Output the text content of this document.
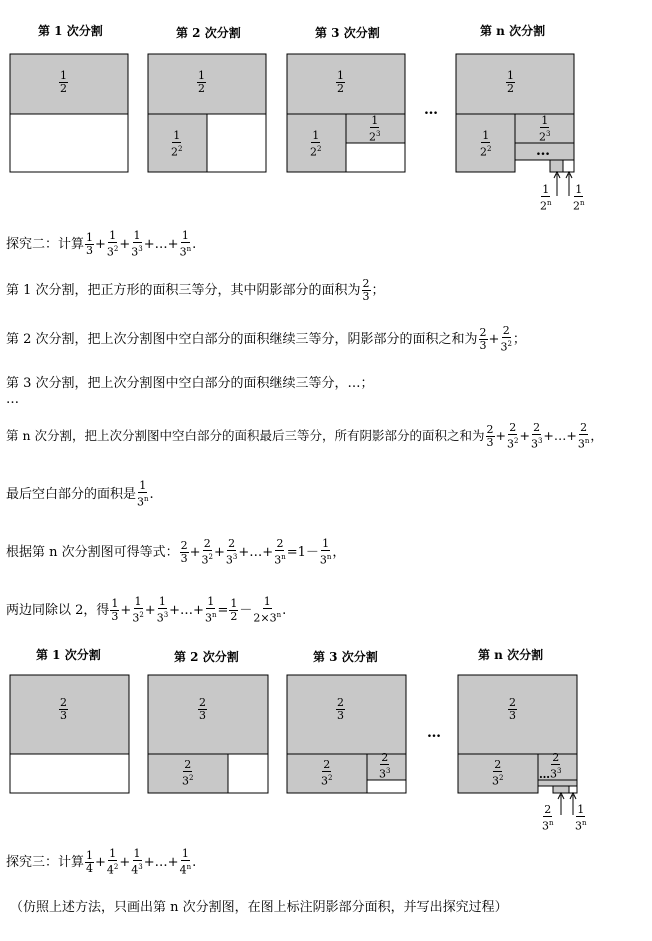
第 1 次分割	第 2 次分割	第 3 次分割	第 n 次分割
$\frac{1}{2}$	$\frac{1}{2}$	$\frac{1}{2}$	$\frac{1}{2}$
$\frac{1}{2^2}$	$\frac{1}{2^2}$
$\frac{1}{2^3}$
$\frac{1}{2^2}$
$\frac{1}{2^3}$
…
…
$\frac{1}{2^n} \frac{1}{2^n}$
探究二：计算 $\frac{1}{3} + \frac{1}{3^2} + \frac{1}{3^3}$ +…+ $\frac{1}{3^n}$ .
第 1 次分割，把正方形的面积三等分，其中阴影部分的面积为 $\frac{2}{3}$ ；
第 2 次分割，把上次分割图中空白部分的面积继续三等分，阴影部分的面积之和为 $\frac{2}{3} + \frac{2}{3^2}$ ；
第 3 次分割，把上次分割图中空白部分的面积继续三等分，…；
…
第 n 次分割，把上次分割图中空白部分的面积最后三等分，所有阴影部分的面积之和为 $\frac{2}{3} + \frac{2}{3^2} + \frac{2}{3^3}$ +…+ $\frac{2}{3^n}$ ，
最后空白部分的面积是 $\frac{1}{3^n}$ .
根据第 n 次分割图可得等式： $\frac{2}{3} + \frac{2}{3^2} + \frac{2}{3^3}$ +…+ $\frac{2}{3^n} =1- \frac{1}{3^n}$ ，
两边同除以 2，得 $\frac{1}{3} + \frac{1}{3^2} + \frac{1}{3^3}$ +…+ $\frac{1}{3^n} = \frac{1}{2} - \frac{1}{2\times 3^n}$ .
第 1 次分割	第 2 次分割	第 3 次分割	第 n 次分割
$\frac{2}{3}$	$\frac{2}{3}$	$\frac{2}{3}$	$\frac{2}{3}$
$\frac{2}{3^2}$	$\frac{2}{3^2}$	$\frac{2}{3^3}$	$\frac{2}{3^2}$	$\frac{2}{3^3}$
…
…
$\frac{2}{3^n} \frac{1}{3^n}$
探究三：计算 $\frac{1}{4} + \frac{1}{4^2} + \frac{1}{4^3}$ +…+ $\frac{1}{4^n}$ .
（仿照上述方法，只画出第 n 次分割图，在图上标注阴影部分面积，并写出探究过程）
